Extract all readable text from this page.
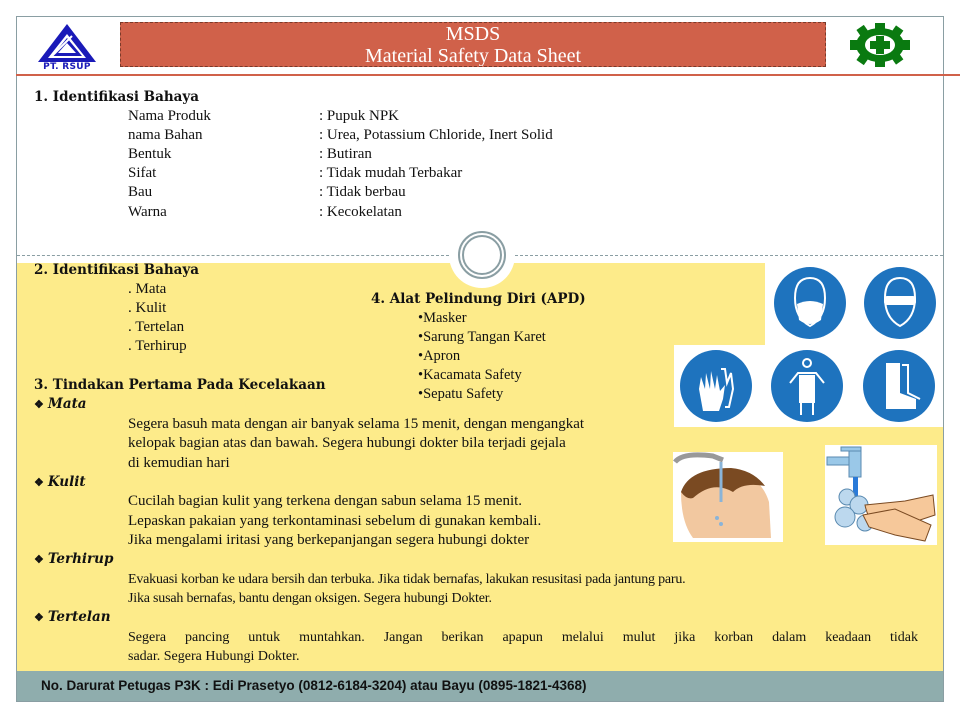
PT. RSUP
MSDS
Material Safety Data Sheet
1. Identifikasi Bahaya
Nama Produk	: Pupuk NPK
nama Bahan	: Urea, Potassium Chloride, Inert Solid
Bentuk	: Butiran
Sifat	: Tidak mudah Terbakar
Bau	: Tidak berbau
Warna	: Kecokelatan
2. Identifikasi Bahaya
. Mata
. Kulit
. Tertelan
. Terhirup
4. Alat Pelindung Diri (APD)
•Masker
•Sarung Tangan Karet
•Apron
•Kacamata Safety
•Sepatu Safety
3. Tindakan Pertama Pada Kecelakaan
❖ Mata
Segera basuh mata dengan air banyak selama 15 menit, dengan mengangkat
kelopak bagian atas dan bawah. Segera hubungi dokter bila terjadi gejala
di kemudian hari
❖ Kulit
Cucilah bagian kulit yang terkena dengan sabun selama 15 menit.
Lepaskan pakaian yang terkontaminasi sebelum di gunakan kembali.
Jika mengalami iritasi yang berkepanjangan segera hubungi dokter
❖ Terhirup
Evakuasi korban ke udara bersih dan terbuka. Jika tidak bernafas, lakukan resusitasi pada jantung paru.
Jika susah bernafas, bantu dengan oksigen. Segera hubungi Dokter.
❖ Tertelan
Segera pancing untuk muntahkan. Jangan berikan apapun melalui mulut jika korban dalam keadaan tidak
sadar. Segera Hubungi Dokter.
No. Darurat Petugas P3K : Edi Prasetyo (0812-6184-3204) atau Bayu (0895-1821-4368)
